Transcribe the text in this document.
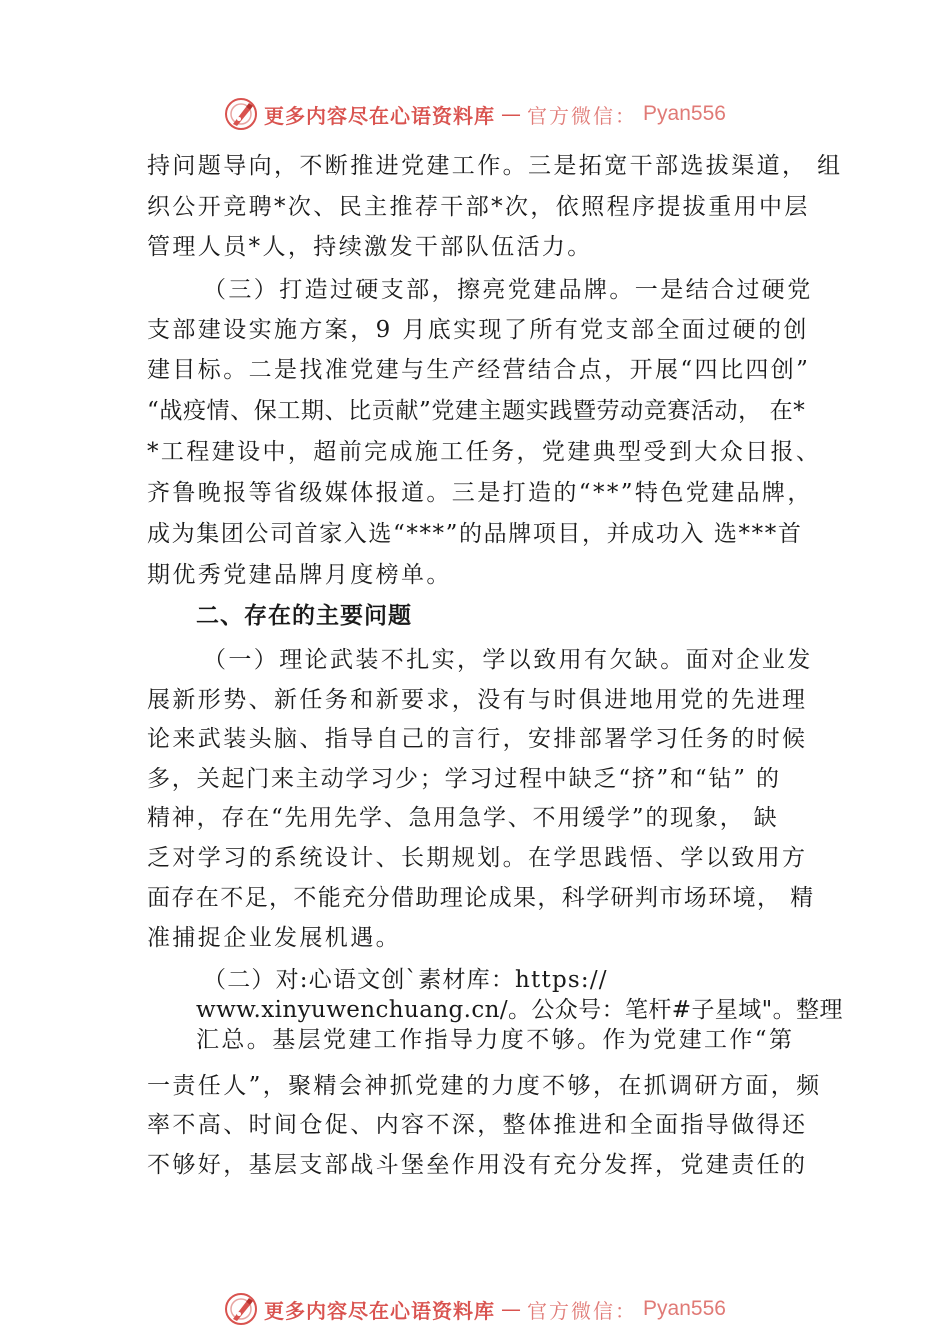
更多内容尽在心语资料库 — 官方微信： Pyan556
持问题导向，不断推进党建工作。三是拓宽干部选拔渠道， 组
织公开竞聘*次、民主推荐干部*次，依照程序提拔重用中层
管理人员*人，持续激发干部队伍活力。
（三）打造过硬支部，擦亮党建品牌。一是结合过硬党
支部建设实施方案，9 月底实现了所有党支部全面过硬的创
建目标。二是找准党建与生产经营结合点，开展“四比四创”
“战疫情、保工期、比贡献”党建主题实践暨劳动竞赛活动， 在*
*工程建设中，超前完成施工任务，党建典型受到大众日报、
齐鲁晚报等省级媒体报道。三是打造的“**”特色党建品牌，
成为集团公司首家入选“***”的品牌项目，并成功入 选***首
期优秀党建品牌月度榜单。
二、存在的主要问题
（一）理论武装不扎实，学以致用有欠缺。面对企业发
展新形势、新任务和新要求，没有与时俱进地用党的先进理
论来武装头脑、指导自己的言行，安排部署学习任务的时候
多，关起门来主动学习少；学习过程中缺乏“挤”和“钻” 的
精神，存在“先用先学、急用急学、不用缓学”的现象， 缺
乏对学习的系统设计、长期规划。在学思践悟、学以致用方
面存在不足，不能充分借助理论成果，科学研判市场环境， 精
准捕捉企业发展机遇。
（二）对:心语文创`素材库：https://
www.xinyuwenchuang.cn/。公众号：笔杆#子星域"。整理
汇总。基层党建工作指导力度不够。作为党建工作“第
一责任人”，聚精会神抓党建的力度不够，在抓调研方面，频
率不高、时间仓促、内容不深，整体推进和全面指导做得还
不够好，基层支部战斗堡垒作用没有充分发挥，党建责任的
更多内容尽在心语资料库 — 官方微信： Pyan556
